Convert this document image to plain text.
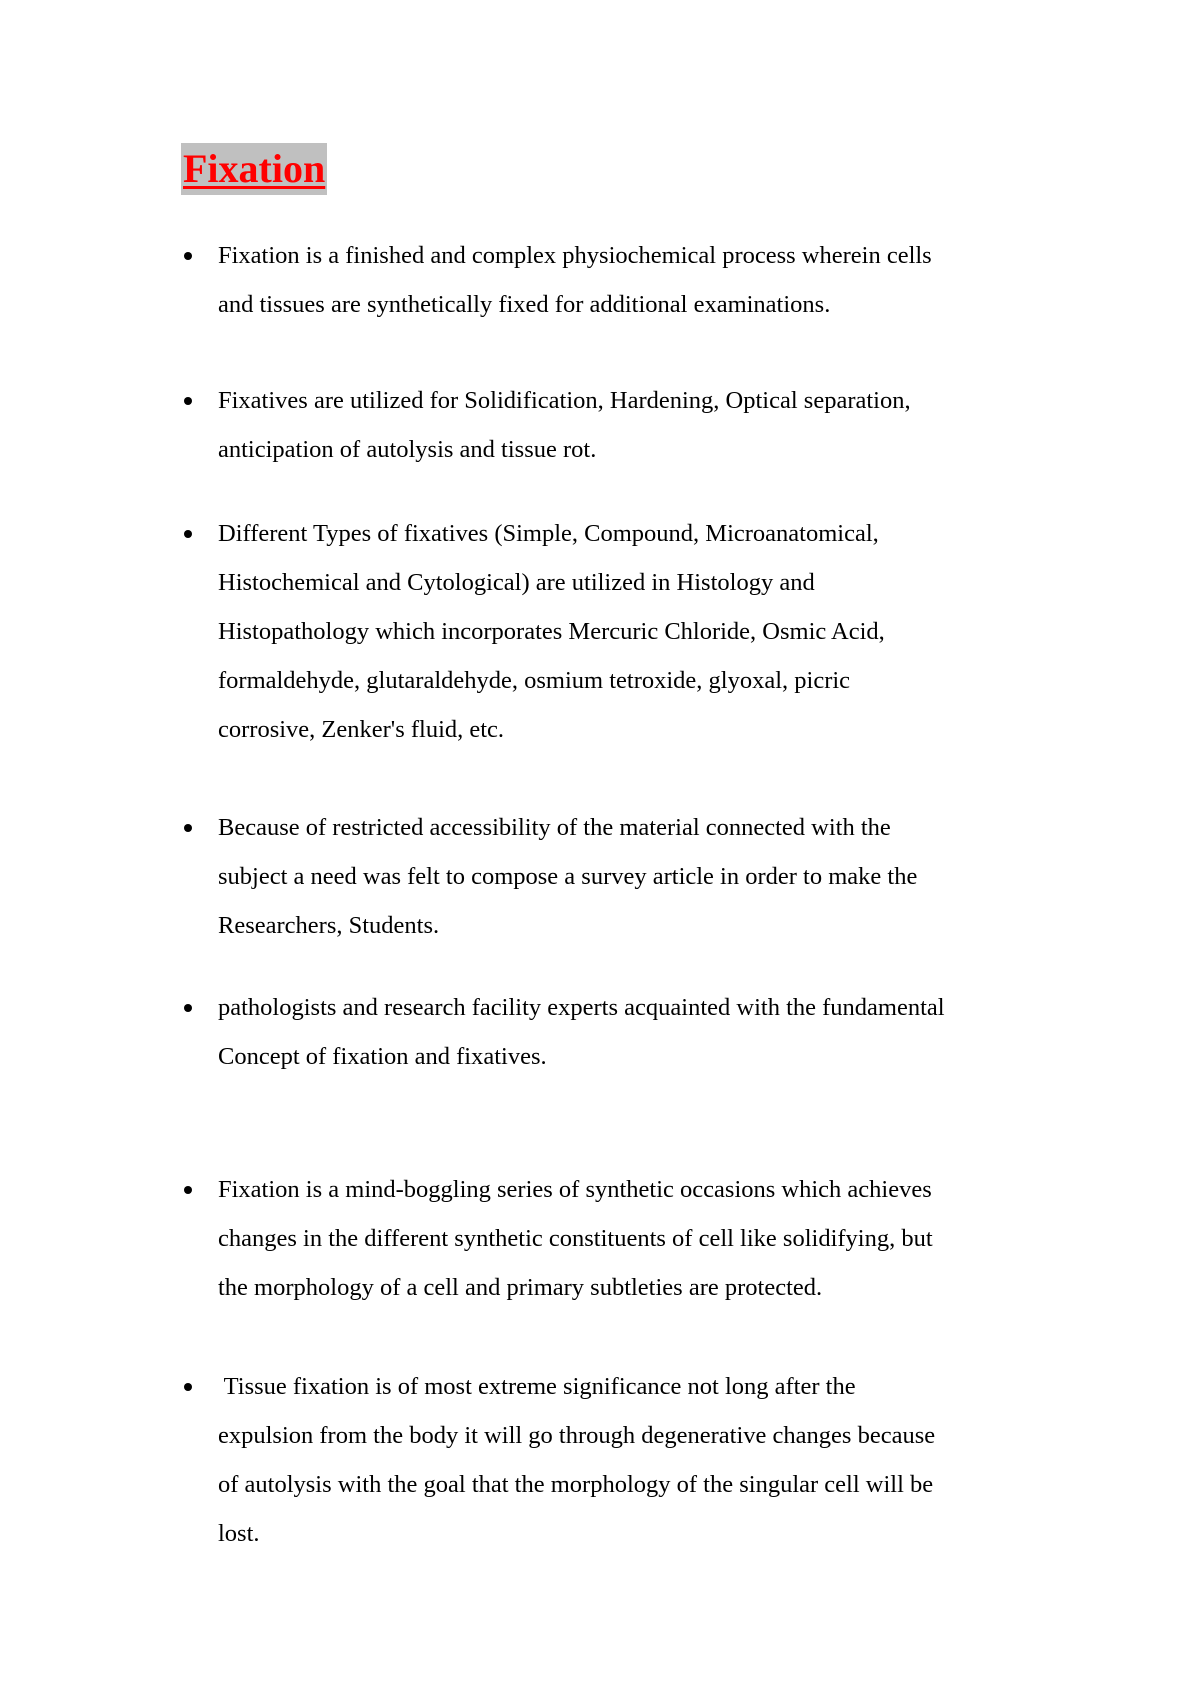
Fixation
Fixation is a finished and complex physiochemical process wherein cells
and tissues are synthetically fixed for additional examinations.
Fixatives are utilized for Solidification, Hardening, Optical separation,
anticipation of autolysis and tissue rot.
Different Types of fixatives (Simple, Compound, Microanatomical,
Histochemical and Cytological) are utilized in Histology and
Histopathology which incorporates Mercuric Chloride, Osmic Acid,
formaldehyde, glutaraldehyde, osmium tetroxide, glyoxal, picric
corrosive, Zenker's fluid, etc.
Because of restricted accessibility of the material connected with the
subject a need was felt to compose a survey article in order to make the
Researchers, Students.
pathologists and research facility experts acquainted with the fundamental
Concept of fixation and fixatives.
Fixation is a mind-boggling series of synthetic occasions which achieves
changes in the different synthetic constituents of cell like solidifying, but
the morphology of a cell and primary subtleties are protected.
Tissue fixation is of most extreme significance not long after the
expulsion from the body it will go through degenerative changes because
of autolysis with the goal that the morphology of the singular cell will be
lost.
